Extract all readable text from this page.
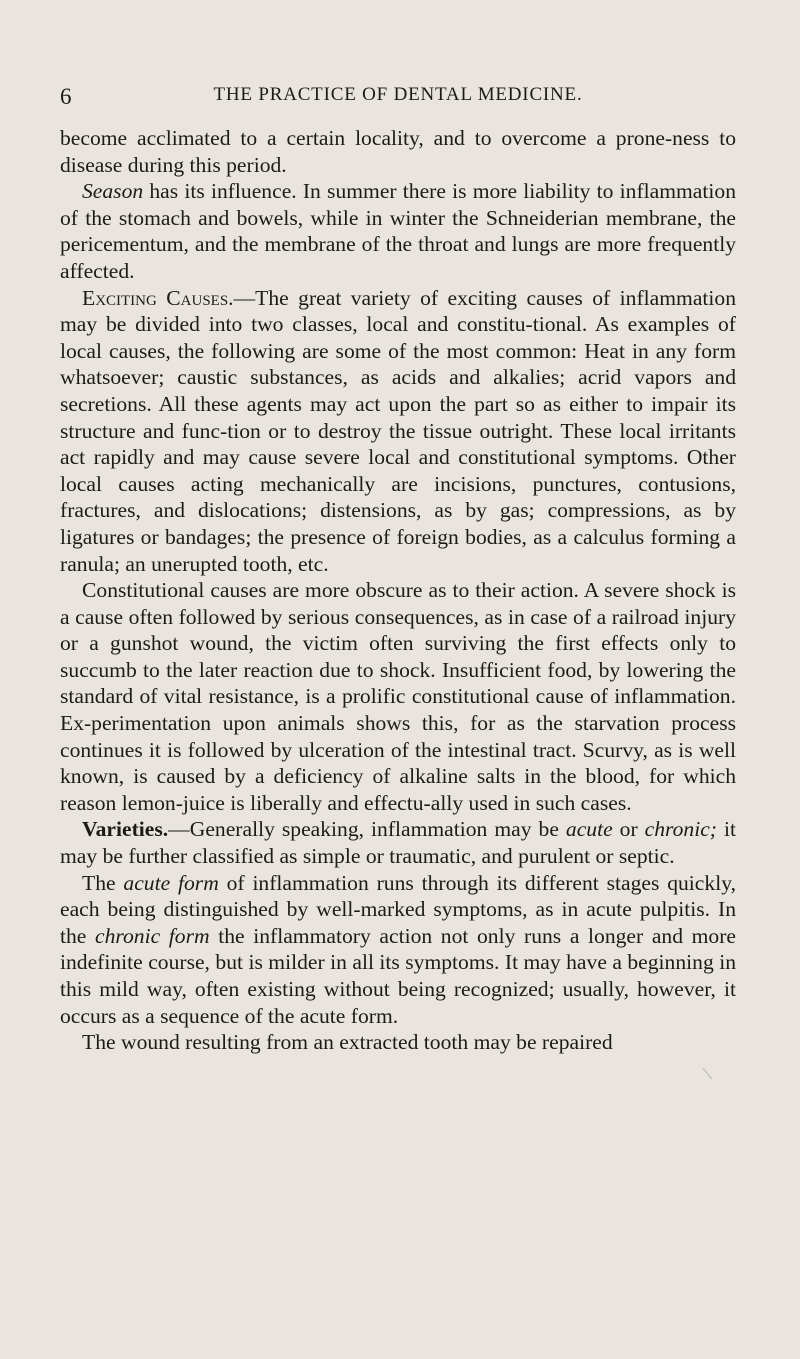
6	THE PRACTICE OF DENTAL MEDICINE.

become acclimated to a certain locality, and to overcome a prone-ness to disease during this period.

Season has its influence. In summer there is more liability to inflammation of the stomach and bowels, while in winter the Schneiderian membrane, the pericementum, and the membrane of the throat and lungs are more frequently affected.

Exciting Causes.—The great variety of exciting causes of inflammation may be divided into two classes, local and constitu-tional. As examples of local causes, the following are some of the most common: Heat in any form whatsoever; caustic substances, as acids and alkalies; acrid vapors and secretions. All these agents may act upon the part so as either to impair its structure and func-tion or to destroy the tissue outright. These local irritants act rapidly and may cause severe local and constitutional symptoms. Other local causes acting mechanically are incisions, punctures, contusions, fractures, and dislocations; distensions, as by gas; compressions, as by ligatures or bandages; the presence of foreign bodies, as a calculus forming a ranula; an unerupted tooth, etc.

Constitutional causes are more obscure as to their action. A severe shock is a cause often followed by serious consequences, as in case of a railroad injury or a gunshot wound, the victim often surviving the first effects only to succumb to the later reaction due to shock. Insufficient food, by lowering the standard of vital resistance, is a prolific constitutional cause of inflammation. Ex-perimentation upon animals shows this, for as the starvation process continues it is followed by ulceration of the intestinal tract. Scurvy, as is well known, is caused by a deficiency of alkaline salts in the blood, for which reason lemon-juice is liberally and effectu-ally used in such cases.

Varieties.—Generally speaking, inflammation may be acute or chronic; it may be further classified as simple or traumatic, and purulent or septic.

The acute form of inflammation runs through its different stages quickly, each being distinguished by well-marked symptoms, as in acute pulpitis. In the chronic form the inflammatory action not only runs a longer and more indefinite course, but is milder in all its symptoms. It may have a beginning in this mild way, often existing without being recognized; usually, however, it occurs as a sequence of the acute form.

The wound resulting from an extracted tooth may be repaired
